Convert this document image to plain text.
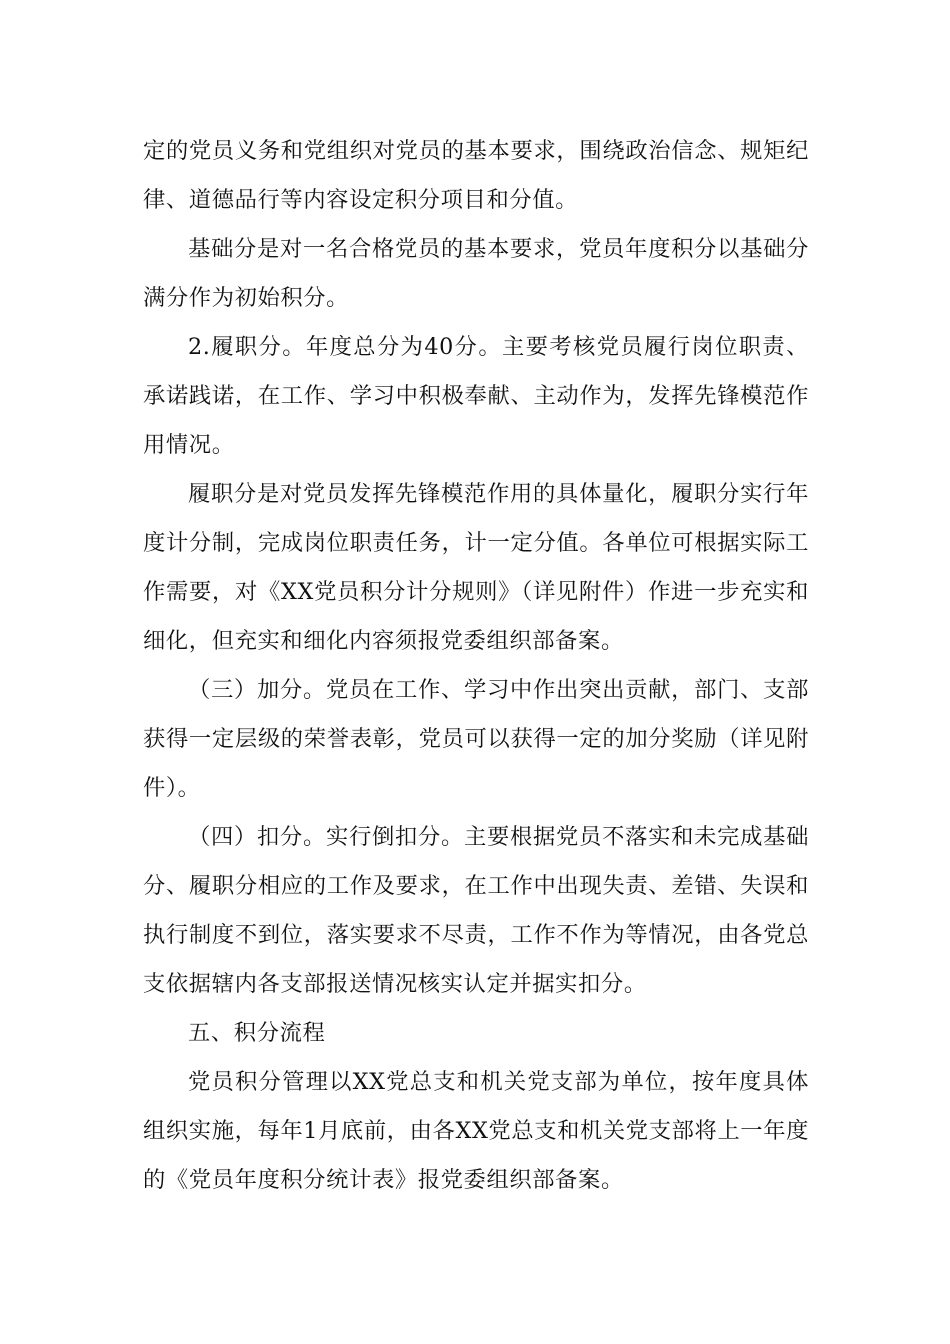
定的党员义务和党组织对党员的基本要求，围绕政治信念、规矩纪律、道德品行等内容设定积分项目和分值。

基础分是对一名合格党员的基本要求，党员年度积分以基础分满分作为初始积分。

2.履职分。年度总分为40分。主要考核党员履行岗位职责、承诺践诺，在工作、学习中积极奉献、主动作为，发挥先锋模范作用情况。

履职分是对党员发挥先锋模范作用的具体量化，履职分实行年度计分制，完成岗位职责任务，计一定分值。各单位可根据实际工作需要，对《XX党员积分计分规则》（详见附件）作进一步充实和细化，但充实和细化内容须报党委组织部备案。

（三）加分。党员在工作、学习中作出突出贡献，部门、支部获得一定层级的荣誉表彰，党员可以获得一定的加分奖励（详见附件）。

（四）扣分。实行倒扣分。主要根据党员不落实和未完成基础分、履职分相应的工作及要求，在工作中出现失责、差错、失误和执行制度不到位，落实要求不尽责，工作不作为等情况，由各党总支依据辖内各支部报送情况核实认定并据实扣分。

五、积分流程

党员积分管理以XX党总支和机关党支部为单位，按年度具体组织实施，每年1月底前，由各XX党总支和机关党支部将上一年度的《党员年度积分统计表》报党委组织部备案。
